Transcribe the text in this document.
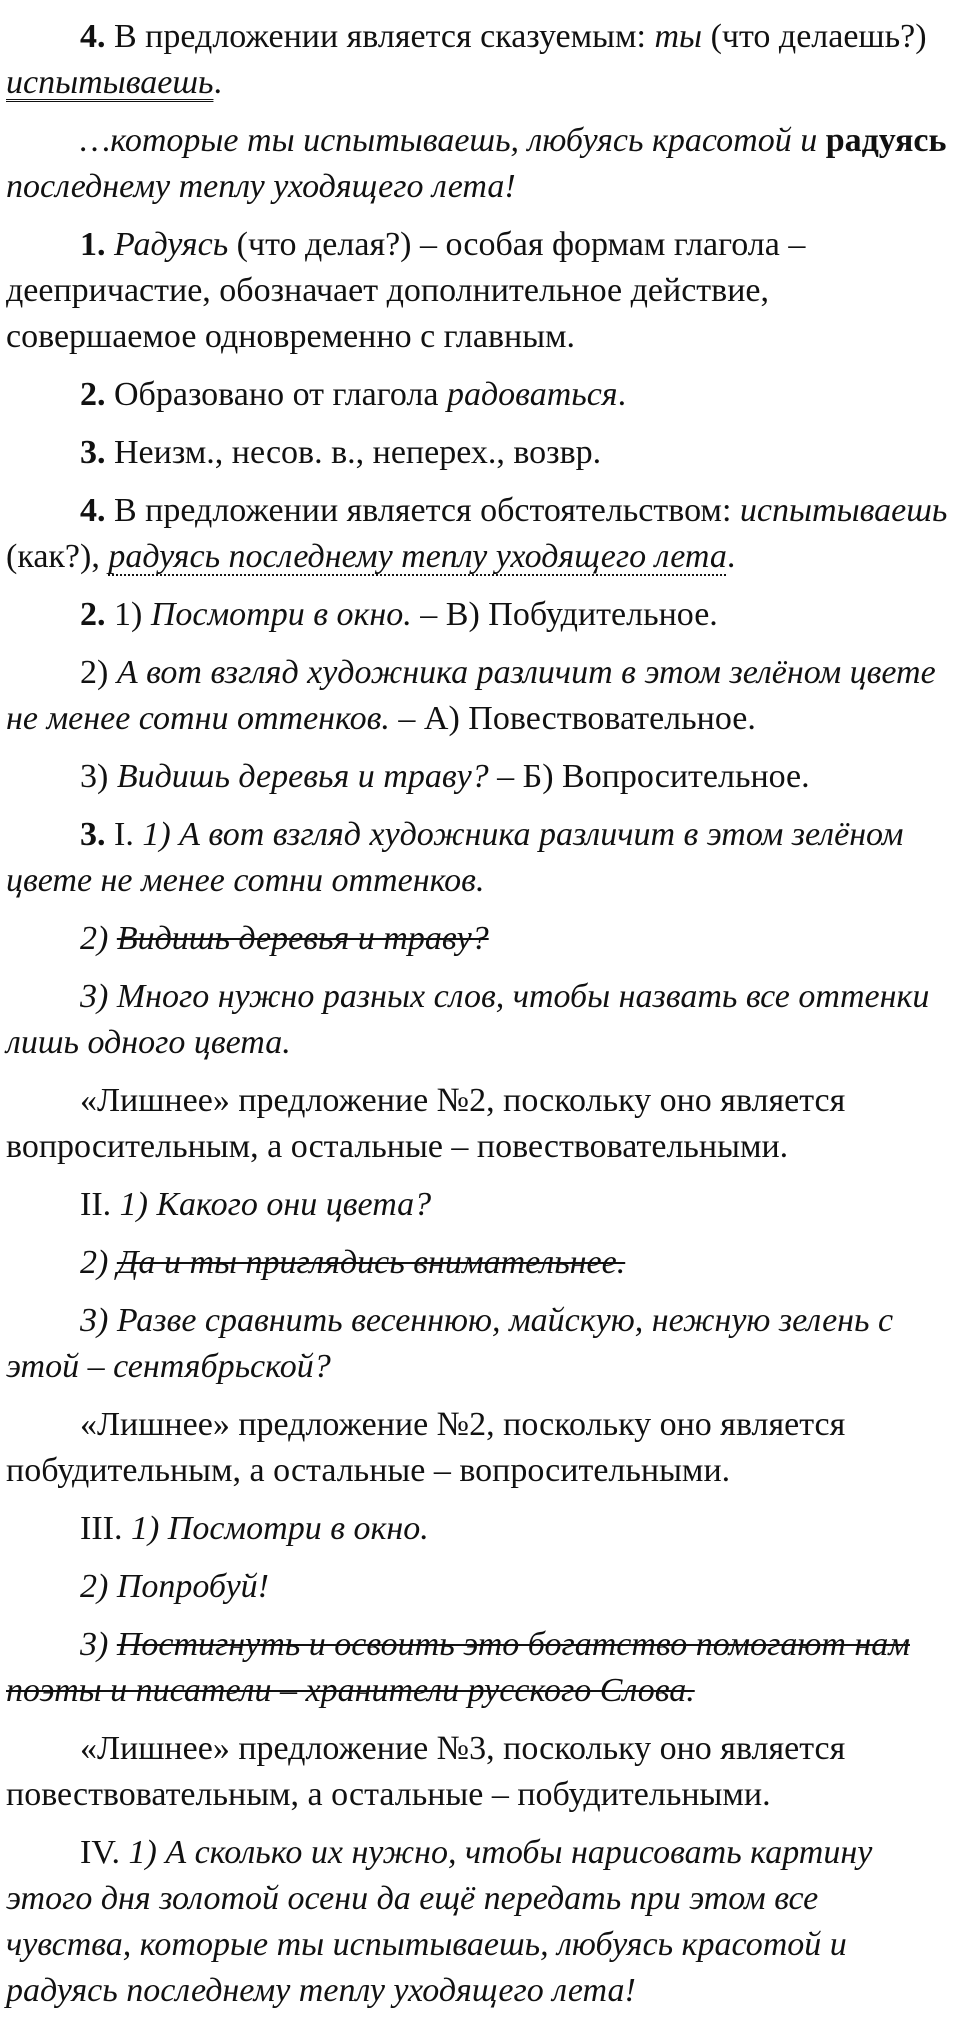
4. В предложении является сказуемым: ты (что делаешь?) испытываешь.

…которые ты испытываешь, любуясь красотой и радуясь последнему теплу уходящего лета!

1. Радуясь (что делая?) – особая формам глагола – деепричастие, обозначает дополнительное действие, совершаемое одновременно с главным.

2. Образовано от глагола радоваться.

3. Неизм., несов. в., неперех., возвр.

4. В предложении является обстоятельством: испытываешь (как?), радуясь последнему теплу уходящего лета.

2. 1) Посмотри в окно. – В) Побудительное.

2) А вот взгляд художника различит в этом зелёном цвете не менее сотни оттенков. – А) Повествовательное.

3) Видишь деревья и траву? – Б) Вопросительное.

3. I. 1) А вот взгляд художника различит в этом зелёном цвете не менее сотни оттенков.

2) Видишь деревья и траву?

3) Много нужно разных слов, чтобы назвать все оттенки лишь одного цвета.

«Лишнее» предложение №2, поскольку оно является вопросительным, а остальные – повествовательными.

II. 1) Какого они цвета?

2) Да и ты приглядись внимательнее.

3) Разве сравнить весеннюю, майскую, нежную зелень с этой – сентябрьской?

«Лишнее» предложение №2, поскольку оно является побудительным, а остальные – вопросительными.

III. 1) Посмотри в окно.

2) Попробуй!

3) Постигнуть и освоить это богатство помогают нам поэты и писатели – хранители русского Слова.

«Лишнее» предложение №3, поскольку оно является повествовательным, а остальные – побудительными.

IV. 1) А сколько их нужно, чтобы нарисовать картину этого дня золотой осени да ещё передать при этом все чувства, которые ты испытываешь, любуясь красотой и радуясь последнему теплу уходящего лета!
